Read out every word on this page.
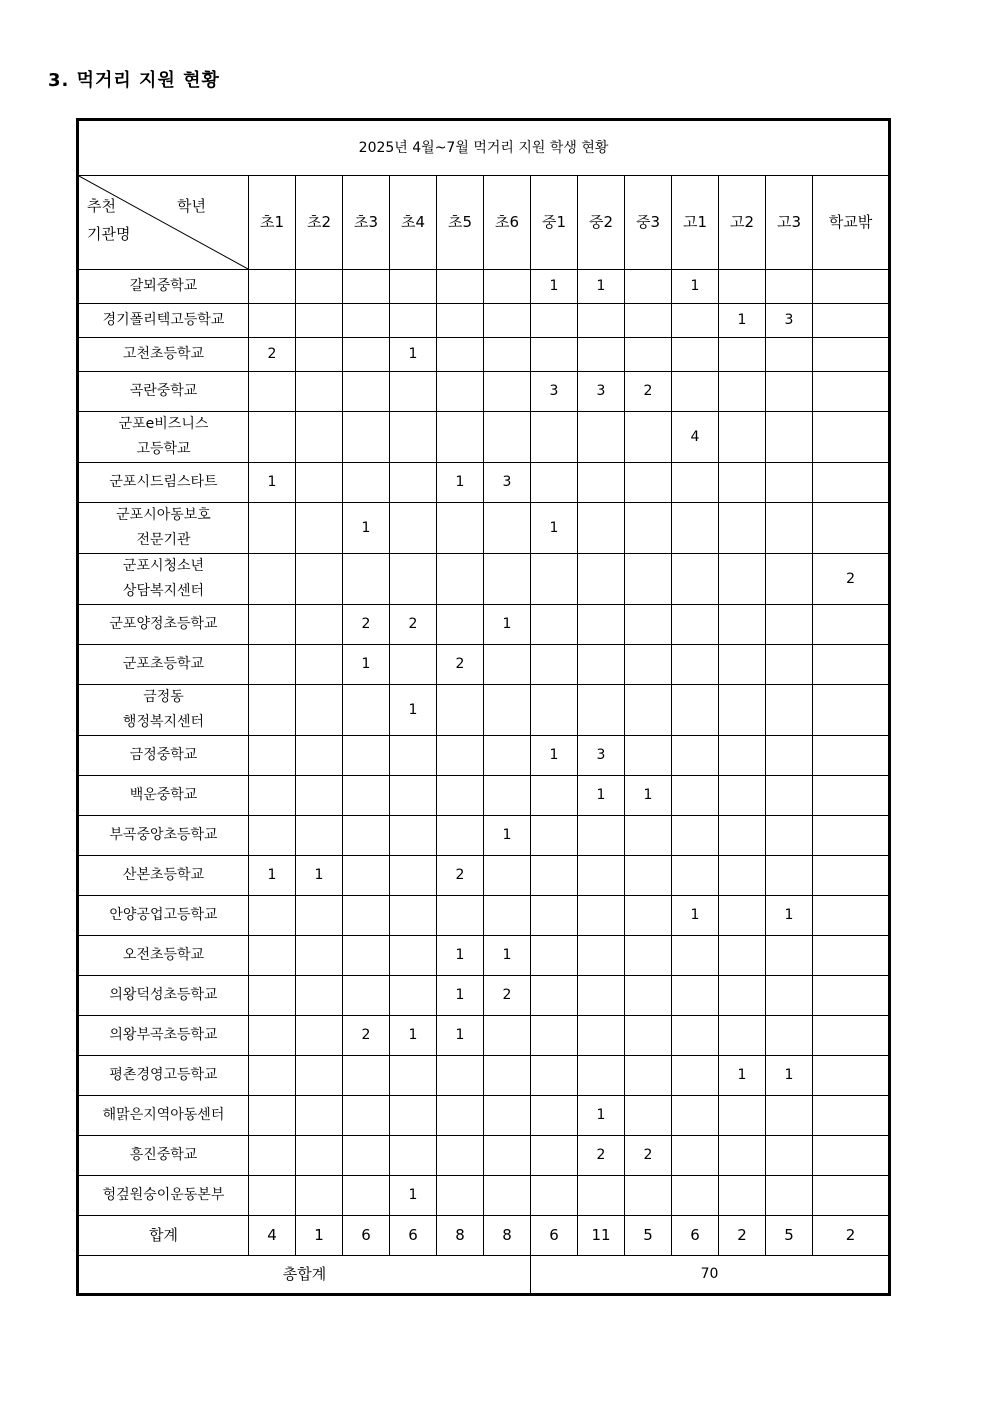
3. 먹거리 지원 현황
2025년 4월~7월 먹거리 지원 학생 현황													

추천 학년
기관명	초1	초2	초3	초4	초5	초6	중1	중2	중3	고1	고2	고3	학교밖

갈뫼중학교							1	1		1			

경기폴리텍고등학교											1	3	

고천초등학교	2			1									

곡란중학교							3	3	2				

군포e비즈니스
고등학교										4			

군포시드림스타트	1				1	3							

군포시아동보호
전문기관			1				1						

군포시청소년
상담복지센터													2

군포양정초등학교			2	2		1							

군포초등학교			1		2								

금정동
행정복지센터				1									

금정중학교							1	3					

백운중학교								1	1				

부곡중앙초등학교						1							

산본초등학교	1	1			2								

안양공업고등학교										1		1	

오전초등학교					1	1							

의왕덕성초등학교					1	2							

의왕부곡초등학교			2	1	1								

평촌경영고등학교											1	1	

해맑은지역아동센터								1					

흥진중학교								2	2				

헝겊원숭이운동본부				1									
합계	4	1	6	6	8	8	6	11	5	6	2	5	2
총합계							70						
